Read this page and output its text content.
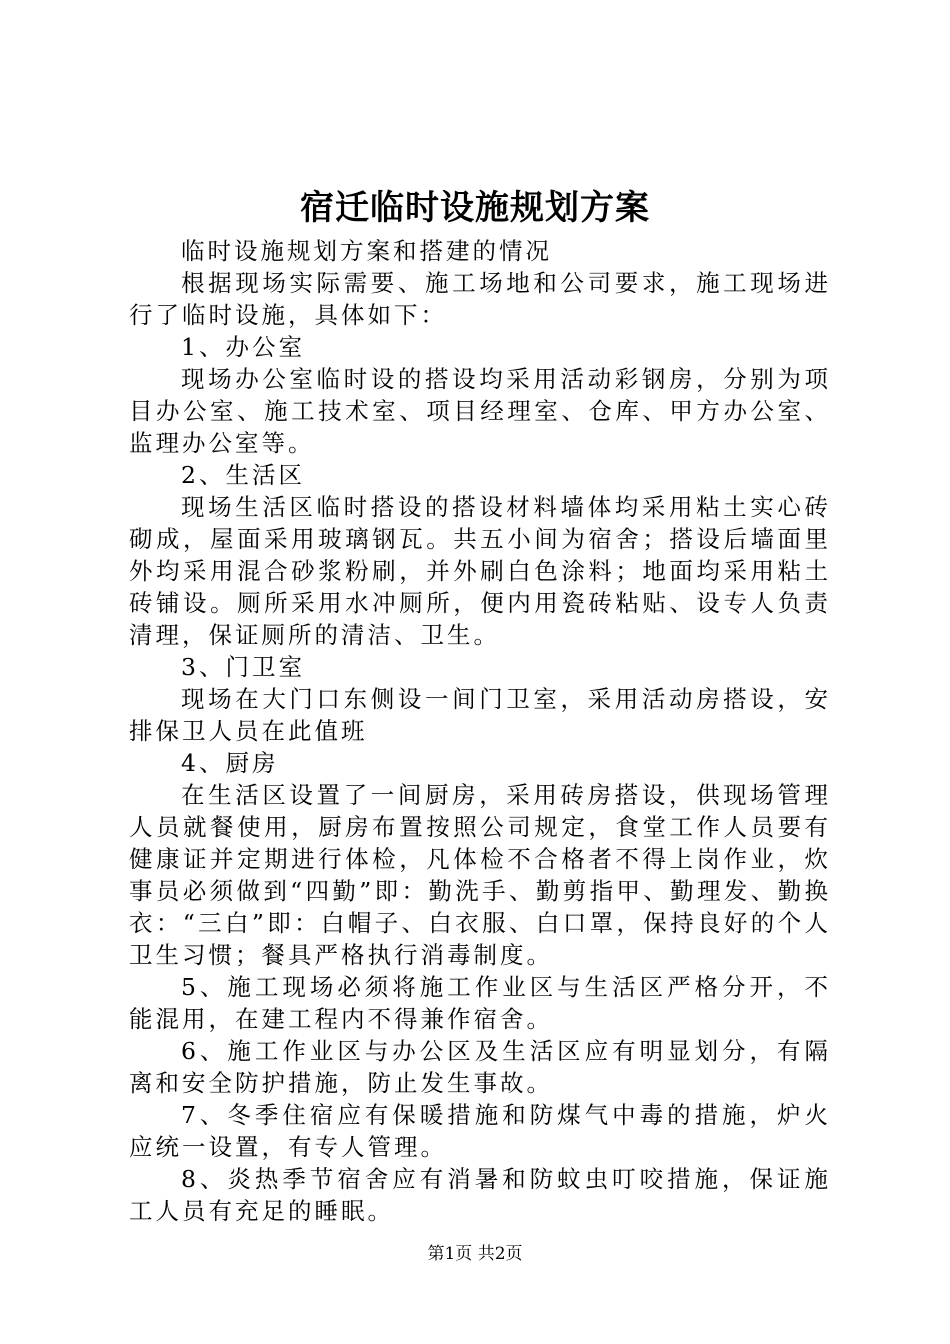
宿迁临时设施规划方案

临时设施规划方案和搭建的情况

根据现场实际需要、施工场地和公司要求，施工现场进行了临时设施，具体如下：

1、办公室

现场办公室临时设的搭设均采用活动彩钢房，分别为项目办公室、施工技术室、项目经理室、仓库、甲方办公室、监理办公室等。

2、生活区

现场生活区临时搭设的搭设材料墙体均采用粘土实心砖砌成，屋面采用玻璃钢瓦。共五小间为宿舍；搭设后墙面里外均采用混合砂浆粉刷，并外刷白色涂料；地面均采用粘土砖铺设。厕所采用水冲厕所，便内用瓷砖粘贴、设专人负责清理，保证厕所的清洁、卫生。

3、门卫室

现场在大门口东侧设一间门卫室，采用活动房搭设，安排保卫人员在此值班

4、厨房

在生活区设置了一间厨房，采用砖房搭设，供现场管理人员就餐使用，厨房布置按照公司规定，食堂工作人员要有健康证并定期进行体检，凡体检不合格者不得上岗作业，炊事员必须做到“四勤”即：勤洗手、勤剪指甲、勤理发、勤换衣：“三白”即：白帽子、白衣服、白口罩，保持良好的个人卫生习惯；餐具严格执行消毒制度。

5、施工现场必须将施工作业区与生活区严格分开，不能混用，在建工程内不得兼作宿舍。

6、施工作业区与办公区及生活区应有明显划分，有隔离和安全防护措施，防止发生事故。

7、冬季住宿应有保暖措施和防煤气中毒的措施，炉火应统一设置，有专人管理。

8、炎热季节宿舍应有消暑和防蚊虫叮咬措施，保证施工人员有充足的睡眠。

第1页 共2页
